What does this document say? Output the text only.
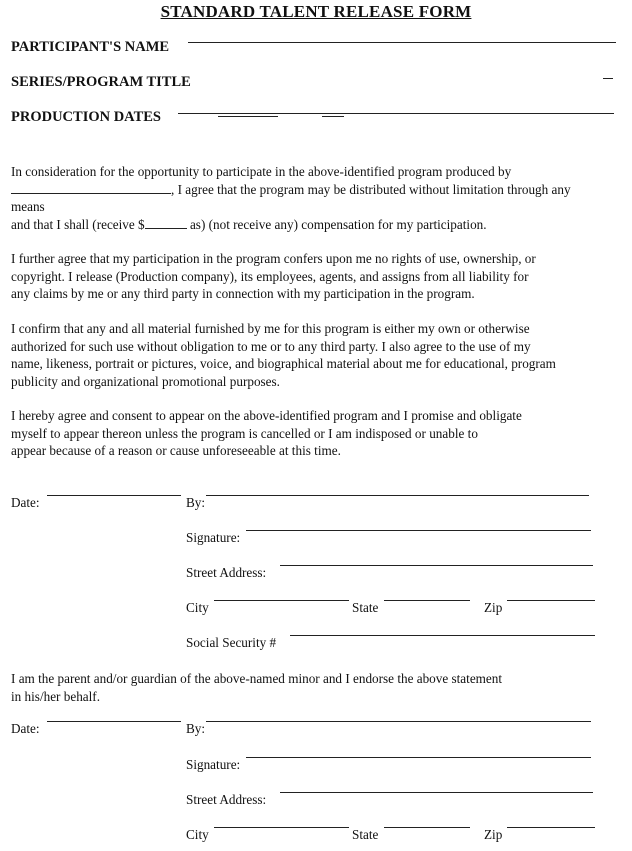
STANDARD TALENT RELEASE FORM
PARTICIPANT'S NAME
SERIES/PROGRAM TITLE
PRODUCTION DATES
In consideration for the opportunity to participate in the above-identified program produced by
, I agree that the program may be distributed without limitation through any
means
and that I shall (receive $	as) (not receive any) compensation for my participation.
I further agree that my participation in the program confers upon me no rights of use, ownership, or
copyright. I release (Production company), its employees, agents, and assigns from all liability for
any claims by me or any third party in connection with my participation in the program.
I confirm that any and all material furnished by me for this program is either my own or otherwise
authorized for such use without obligation to me or to any third party. I also agree to the use of my
name, likeness, portrait or pictures, voice, and biographical material about me for educational, program
publicity and organizational promotional purposes.
I hereby agree and consent to appear on the above-identified program and I promise and obligate
myself to appear thereon unless the program is cancelled or I am indisposed or unable to
appear because of a reason or cause unforeseeable at this time.
Date:	By:
Signature:
Street Address:
City	State	Zip
Social Security #
I am the parent and/or guardian of the above-named minor and I endorse the above statement
in his/her behalf.
Date:	By:
Signature:
Street Address:
City	State	Zip
